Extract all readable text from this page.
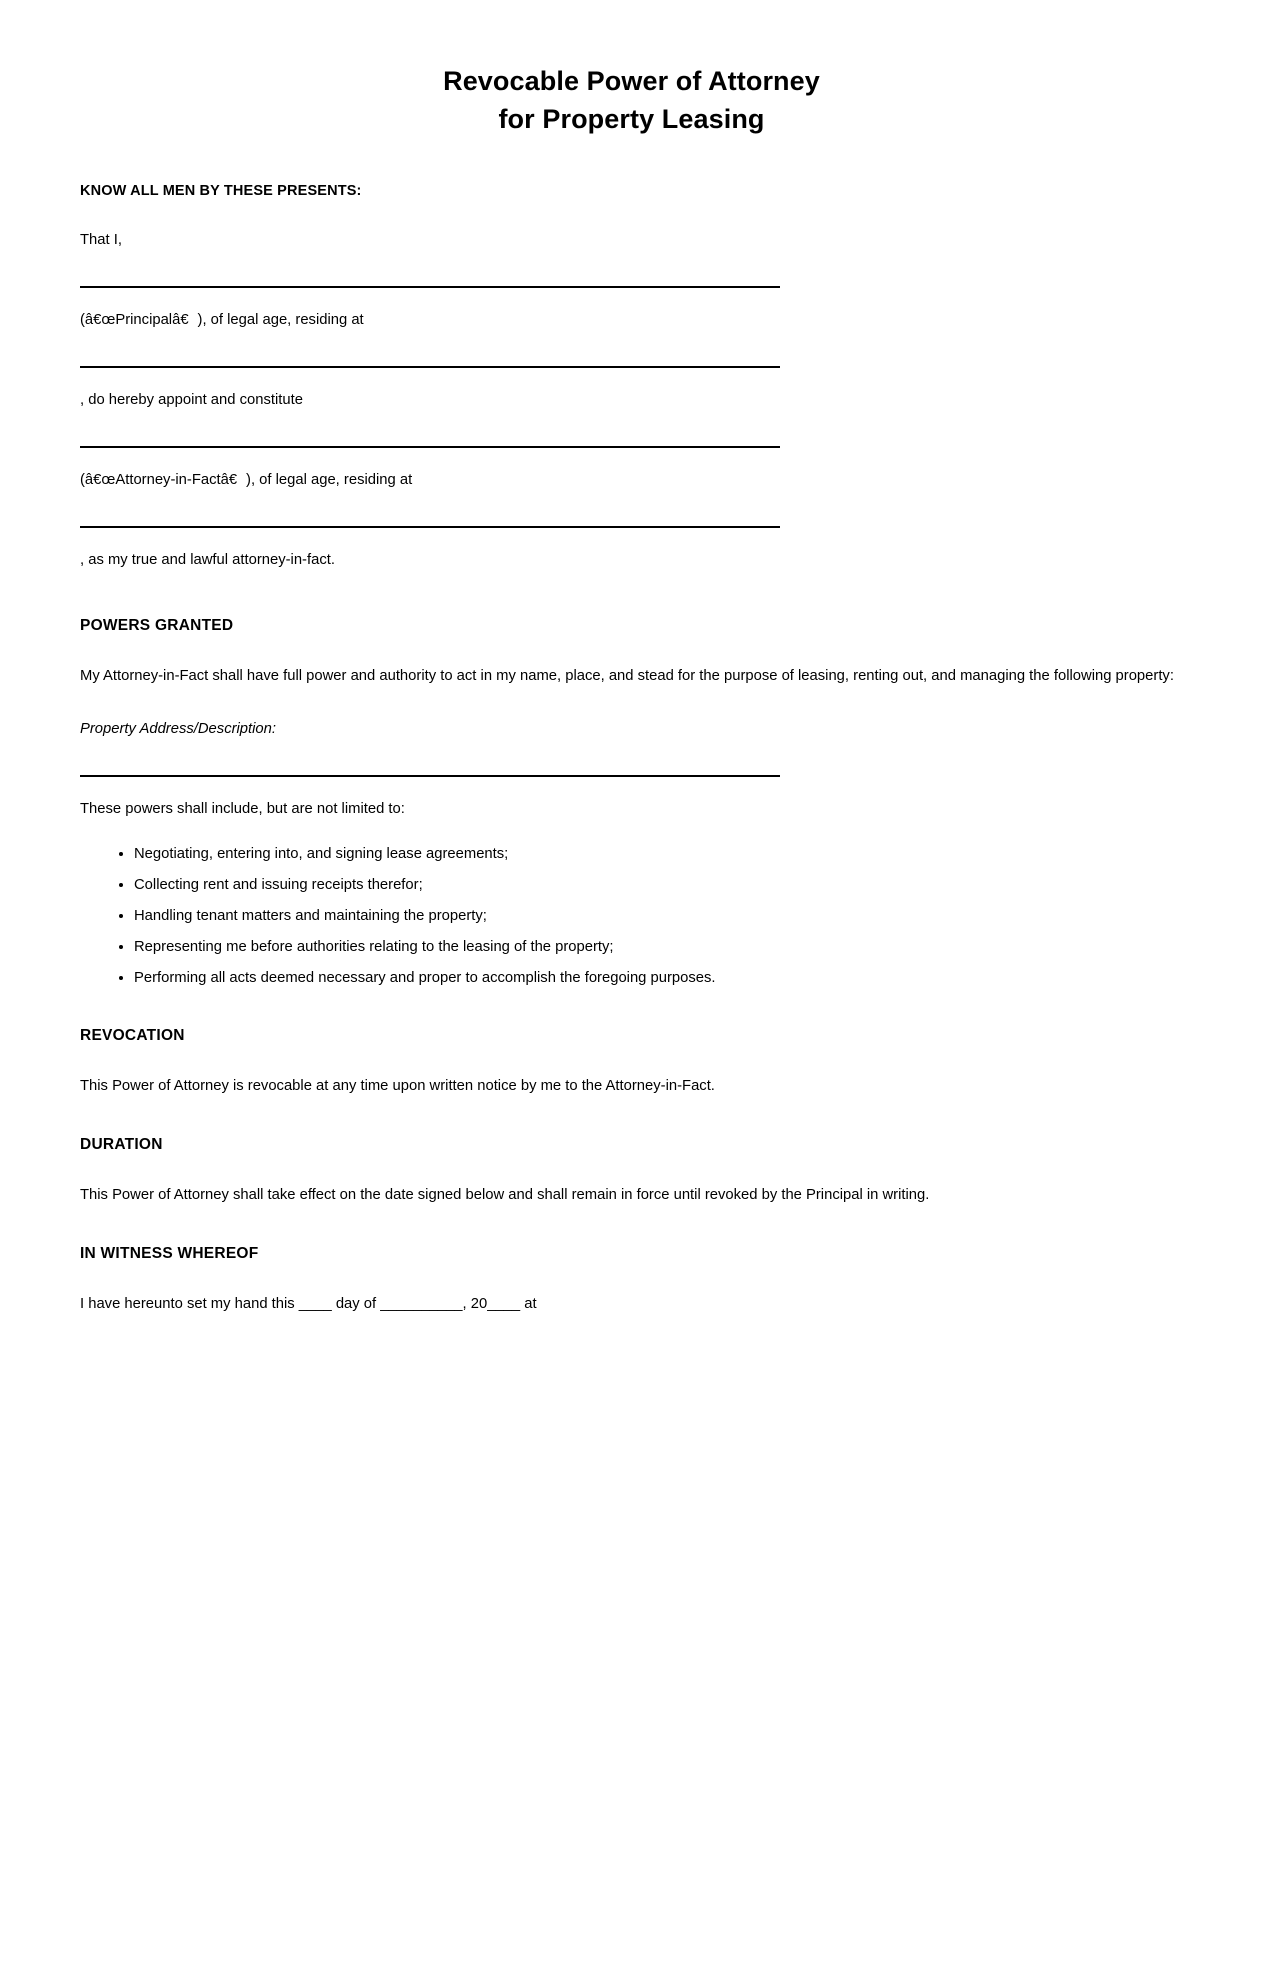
Revocable Power of Attorney
for Property Leasing

KNOW ALL MEN BY THESE PRESENTS:

That I,

(â€œPrincipalâ€), of legal age, residing at

, do hereby appoint and constitute

(â€œAttorney-in-Factâ€), of legal age, residing at

, as my true and lawful attorney-in-fact.

POWERS GRANTED

My Attorney-in-Fact shall have full power and authority to act in my name, place, and stead for the purpose of leasing, renting out, and managing the following property:

Property Address/Description:

These powers shall include, but are not limited to:

• Negotiating, entering into, and signing lease agreements;
• Collecting rent and issuing receipts therefor;
• Handling tenant matters and maintaining the property;
• Representing me before authorities relating to the leasing of the property;
• Performing all acts deemed necessary and proper to accomplish the foregoing purposes.

REVOCATION

This Power of Attorney is revocable at any time upon written notice by me to the Attorney-in-Fact.

DURATION

This Power of Attorney shall take effect on the date signed below and shall remain in force until revoked by the Principal in writing.

IN WITNESS WHEREOF

I have hereunto set my hand this ____ day of __________, 20____ at
